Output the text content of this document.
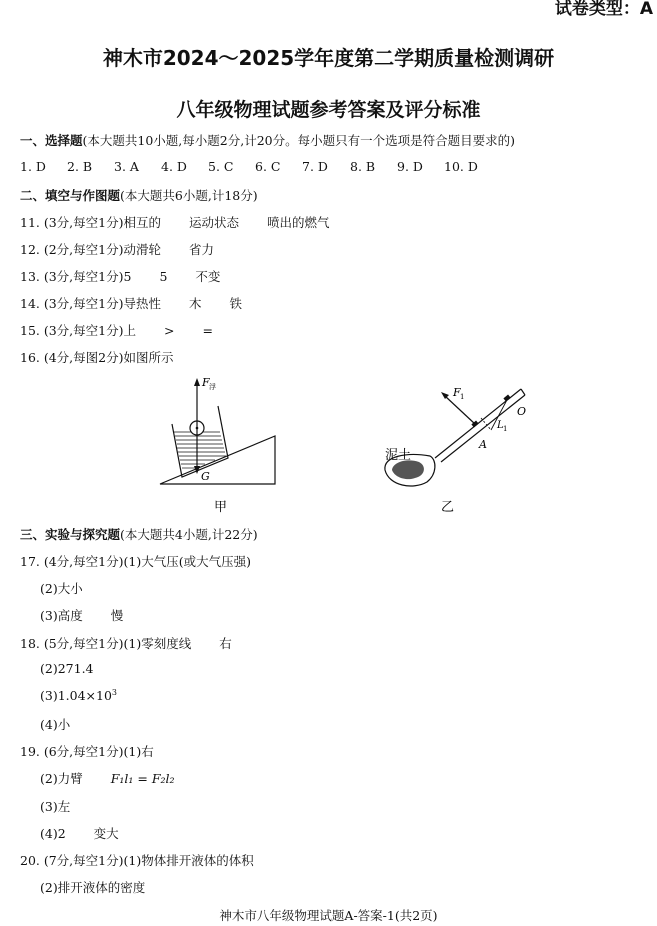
试卷类型：A
神木市2024～2025学年度第二学期质量检测调研
八年级物理试题参考答案及评分标准
一、选择题(本大题共10小题,每小题2分,计20分。每小题只有一个选项是符合题目要求的)
1. D 2. B 3. A 4. D 5. C 6. C 7. D 8. B 9. D 10. D
二、填空与作图题(本大题共6小题,计18分)
11. (3分,每空1分)相互的 运动状态 喷出的燃气
12. (2分,每空1分)动滑轮 省力
13. (3分,每空1分)5 5 不变
14. (3分,每空1分)导热性 木 铁
15. (3分,每空1分)上 > =
16. (4分,每图2分)如图所示
F 浮
G
甲
泥土
F 1
L 1
A
O
乙
三、实验与探究题(本大题共4小题,计22分)
17. (4分,每空1分)(1)大气压(或大气压强)
(2)大小
(3)高度 慢
18. (5分,每空1分)(1)零刻度线 右
(2)271.4
$(3)1.04\times 10^3$
(4)小
19. (6分,每空1分)(1)右
(2)力臂 F₁l₁ = F₂l₂
(3)左
(4)2 变大
20. (7分,每空1分)(1)物体排开液体的体积
(2)排开液体的密度
神木市八年级物理试题A-答案-1(共2页)
